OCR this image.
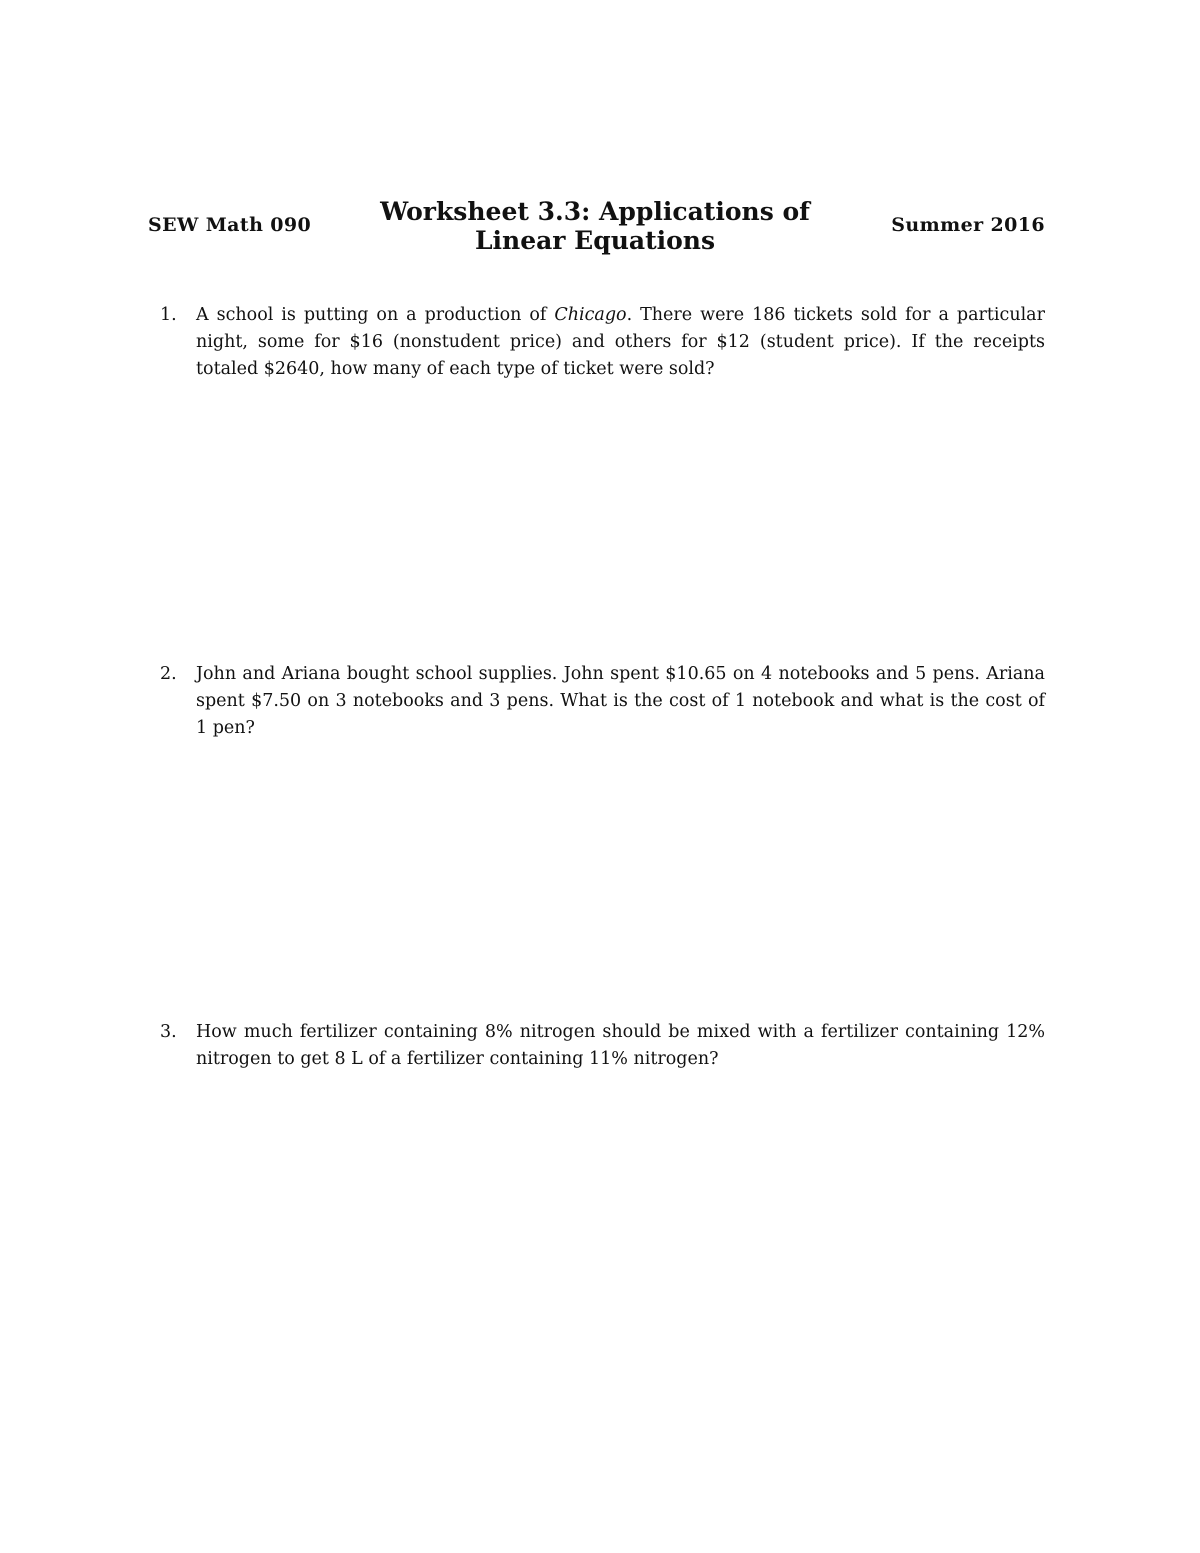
SEW Math 090	Worksheet 3.3: Applications of
Linear Equations
Summer 2016
1. A school is putting on a production of Chicago. There were 186 tickets sold for a particular night, some for $16 (nonstudent price) and others for $12 (student price). If the receipts totaled $2640, how many of each type of ticket were sold?
2. John and Ariana bought school supplies. John spent $10.65 on 4 notebooks and 5 pens. Ariana spent $7.50 on 3 notebooks and 3 pens. What is the cost of 1 notebook and what is the cost of 1 pen?
3. How much fertilizer containing 8% nitrogen should be mixed with a fertilizer containing 12% nitrogen to get 8 L of a fertilizer containing 11% nitrogen?
